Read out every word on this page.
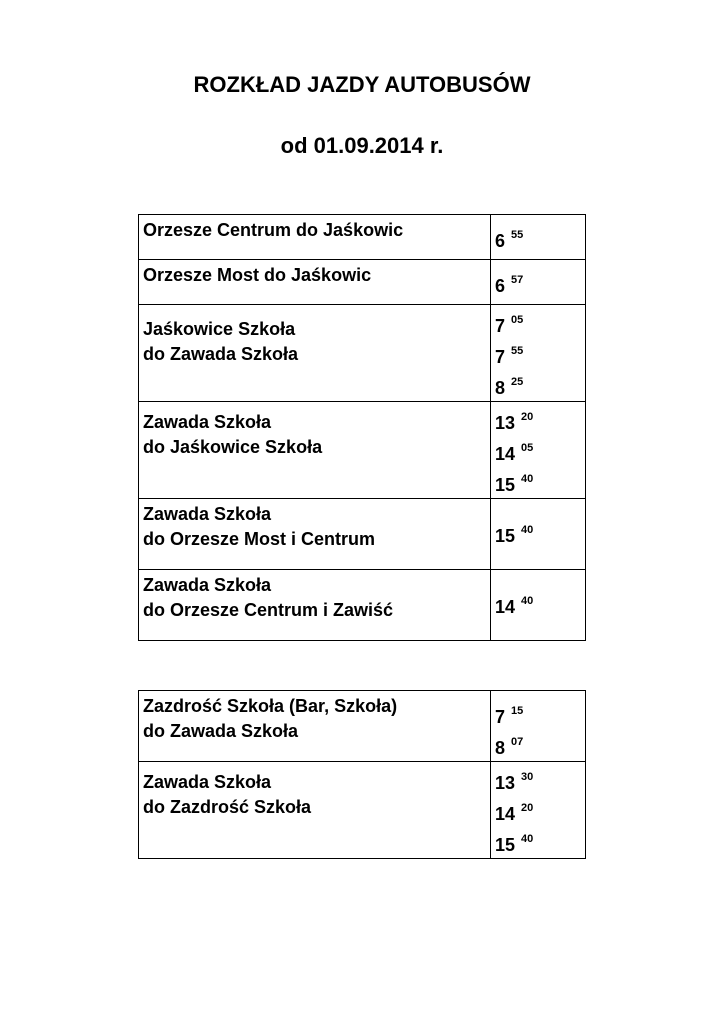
ROZKŁAD JAZDY AUTOBUSÓW
od 01.09.2014 r.
Orzesze Centrum do Jaśkowic	6 $^{55}$

Orzesze Most do Jaśkowic	6 $^{57}$

Jaśkowice Szkoła
do Zawada Szkoła	7 $^{05}$
7 $^{55}$
8 $^{25}$

Zawada Szkoła
do Jaśkowice Szkoła	13 $^{20}$
14 $^{05}$
15 $^{40}$

Zawada Szkoła
do Orzesze Most i Centrum	15 $^{40}$

Zawada Szkoła
do Orzesze Centrum i Zawiść	14 $^{40}$
Zazdrość Szkoła (Bar, Szkoła)
do Zawada Szkoła	7 $^{15}$
8 $^{07}$

Zawada Szkoła
do Zazdrość Szkoła	13 $^{30}$
14 $^{20}$
15 $^{40}$
